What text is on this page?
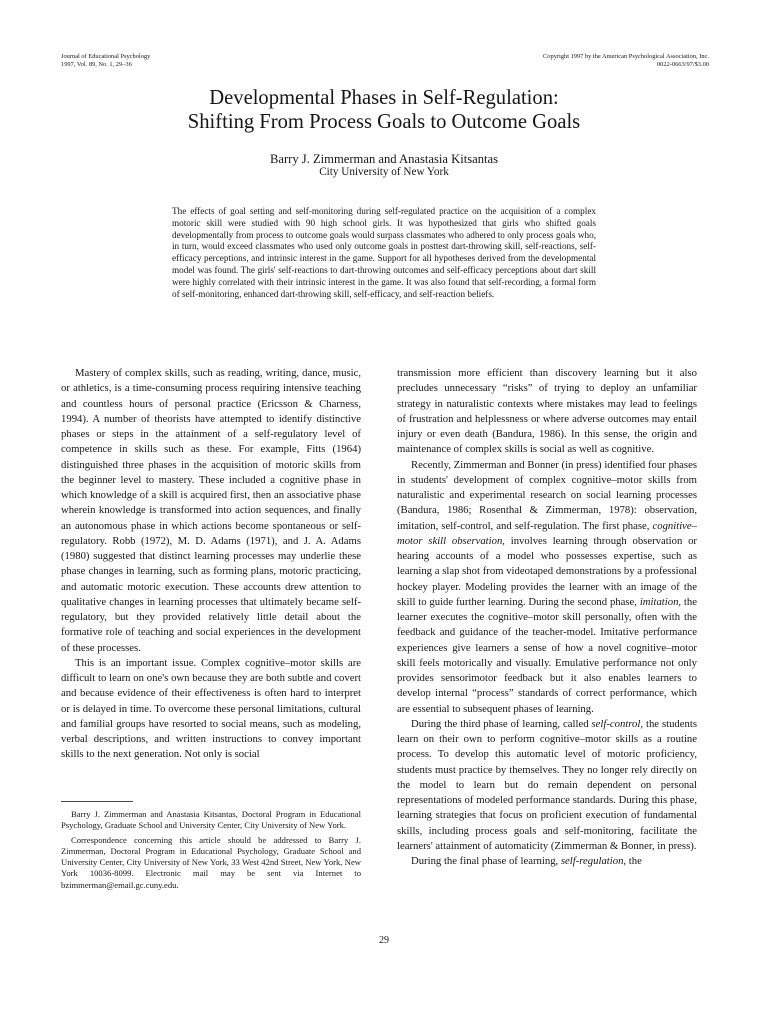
Journal of Educational Psychology
1997, Vol. 89, No. 1, 29–36
Copyright 1997 by the American Psychological Association, Inc.
0022-0663/97/$3.00
Developmental Phases in Self-Regulation:
Shifting From Process Goals to Outcome Goals
Barry J. Zimmerman and Anastasia Kitsantas
City University of New York
The effects of goal setting and self-monitoring during self-regulated practice on the acquisition of a complex motoric skill were studied with 90 high school girls. It was hypothesized that girls who shifted goals developmentally from process to outcome goals would surpass classmates who adhered to only process goals who, in turn, would exceed classmates who used only outcome goals in posttest dart-throwing skill, self-reactions, self-efficacy perceptions, and intrinsic interest in the game. Support for all hypotheses derived from the developmental model was found. The girls' self-reactions to dart-throwing outcomes and self-efficacy perceptions about dart skill were highly correlated with their intrinsic interest in the game. It was also found that self-recording, a formal form of self-monitoring, enhanced dart-throwing skill, self-efficacy, and self-reaction beliefs.

Mastery of complex skills, such as reading, writing, dance, music, or athletics, is a time-consuming process requiring intensive teaching and countless hours of personal practice (Ericsson & Charness, 1994). A number of theorists have attempted to identify distinctive phases or steps in the attainment of a self-regulatory level of competence in skills such as these. For example, Fitts (1964) distinguished three phases in the acquisition of motoric skills from the beginner level to mastery. These included a cognitive phase in which knowledge of a skill is acquired first, then an associative phase wherein knowledge is transformed into action sequences, and finally an autonomous phase in which actions become spontaneous or self-regulatory. Robb (1972), M. D. Adams (1971), and J. A. Adams (1980) suggested that distinct learning processes may underlie these phase changes in learning, such as forming plans, motoric practicing, and automatic motoric execution. These accounts drew attention to qualitative changes in learning processes that ultimately became self-regulatory, but they provided relatively little detail about the formative role of teaching and social experiences in the development of these processes.

This is an important issue. Complex cognitive–motor skills are difficult to learn on one's own because they are both subtle and covert and because evidence of their effectiveness is often hard to interpret or is delayed in time. To overcome these personal limitations, cultural and familial groups have resorted to social means, such as modeling, verbal descriptions, and written instructions to convey important skills to the next generation. Not only is social

Barry J. Zimmerman and Anastasia Kitsantas, Doctoral Program in Educational Psychology, Graduate School and University Center, City University of New York.

Correspondence concerning this article should be addressed to Barry J. Zimmerman, Doctoral Program in Educational Psychology, Graduate School and University Center, City University of New York, 33 West 42nd Street, New York, New York 10036-8099. Electronic mail may be sent via Internet to bzimmerman@email.gc.cuny.edu.

transmission more efficient than discovery learning but it also precludes unnecessary “risks” of trying to deploy an unfamiliar strategy in naturalistic contexts where mistakes may lead to feelings of frustration and helplessness or where adverse outcomes may entail injury or even death (Bandura, 1986). In this sense, the origin and maintenance of complex skills is social as well as cognitive.

Recently, Zimmerman and Bonner (in press) identified four phases in students' development of complex cognitive–motor skills from naturalistic and experimental research on social learning processes (Bandura, 1986; Rosenthal & Zimmerman, 1978): observation, imitation, self-control, and self-regulation. The first phase, cognitive–motor skill observation, involves learning through observation or hearing accounts of a model who possesses expertise, such as learning a slap shot from videotaped demonstrations by a professional hockey player. Modeling provides the learner with an image of the skill to guide further learning. During the second phase, imitation, the learner executes the cognitive–motor skill personally, often with the feedback and guidance of the teacher-model. Imitative performance experiences give learners a sense of how a novel cognitive–motor skill feels motorically and visually. Emulative performance not only provides sensorimotor feedback but it also enables learners to develop internal “process” standards of correct performance, which are essential to subsequent phases of learning.

During the third phase of learning, called self-control, the students learn on their own to perform cognitive–motor skills as a routine process. To develop this automatic level of motoric proficiency, students must practice by themselves. They no longer rely directly on the model to learn but do remain dependent on personal representations of modeled performance standards. During this phase, learning strategies that focus on proficient execution of fundamental skills, including process goals and self-monitoring, facilitate the learners' attainment of automaticity (Zimmerman & Bonner, in press).

During the final phase of learning, self-regulation, the

29
